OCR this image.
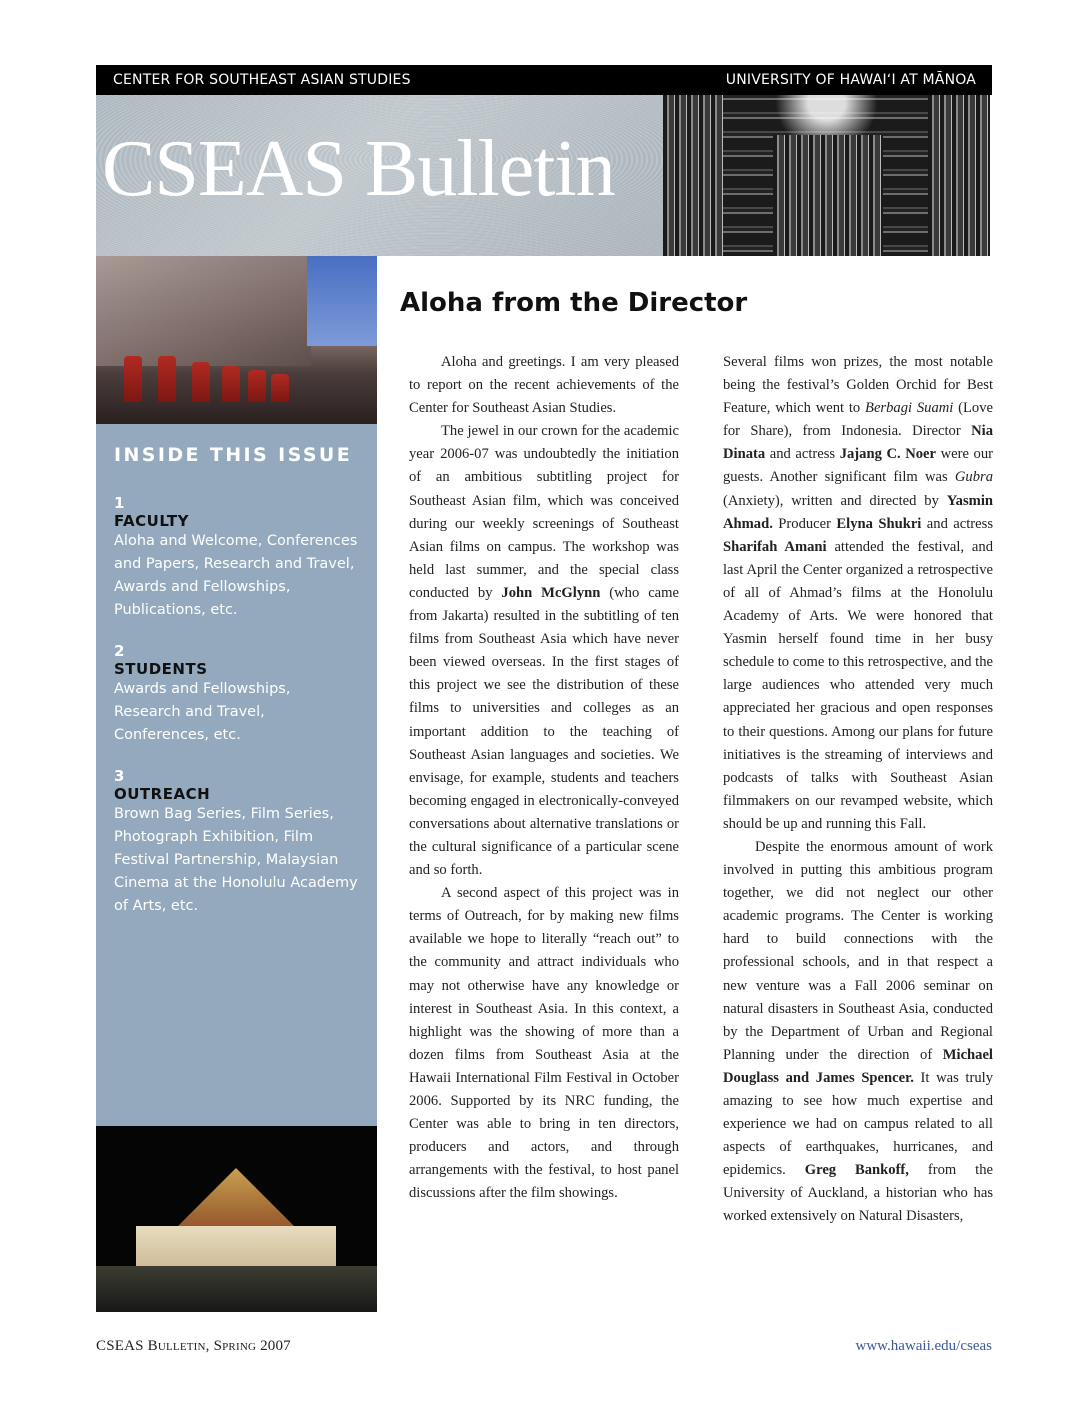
CENTER FOR SOUTHEAST ASIAN STUDIES	UNIVERSITY OF HAWAIʻI AT MĀNOA
CSEAS Bulletin
INSIDE THIS ISSUE
1
FACULTY
Aloha and Welcome, Conferences and Papers, Research and Travel, Awards and Fellowships, Publications, etc.
2
STUDENTS
Awards and Fellowships, Research and Travel, Conferences, etc.
3
OUTREACH
Brown Bag Series, Film Series, Photograph Exhibition, Film Festival Partnership, Malaysian Cinema at the Honolulu Academy of Arts, etc.
Aloha from the Director

Aloha and greetings. I am very pleased to report on the recent achievements of the Center for Southeast Asian Studies.

The jewel in our crown for the academic year 2006-07 was undoubtedly the initiation of an ambitious subtitling project for Southeast Asian film, which was conceived during our weekly screenings of Southeast Asian films on campus. The workshop was held last summer, and the special class conducted by John McGlynn (who came from Jakarta) resulted in the subtitling of ten films from Southeast Asia which have never been viewed overseas. In the first stages of this project we see the distribution of these films to universities and colleges as an important addition to the teaching of Southeast Asian languages and societies. We envisage, for example, students and teachers becoming engaged in electronically-conveyed conversations about alternative translations or the cultural significance of a particular scene and so forth.

A second aspect of this project was in terms of Outreach, for by making new films available we hope to literally “reach out” to the community and attract individuals who may not otherwise have any knowledge or interest in Southeast Asia. In this context, a highlight was the showing of more than a dozen films from Southeast Asia at the Hawaii International Film Festival in October 2006. Supported by its NRC funding, the Center was able to bring in ten directors, producers and actors, and through arrangements with the festival, to host panel discussions after the film showings.

Several films won prizes, the most notable being the festival’s Golden Orchid for Best Feature, which went to Berbagi Suami (Love for Share), from Indonesia. Director Nia Dinata and actress Jajang C. Noer were our guests. Another significant film was Gubra (Anxiety), written and directed by Yasmin Ahmad. Producer Elyna Shukri and actress Sharifah Amani attended the festival, and last April the Center organized a retrospective of all of Ahmad’s films at the Honolulu Academy of Arts. We were honored that Yasmin herself found time in her busy schedule to come to this retrospective, and the large audiences who attended very much appreciated her gracious and open responses to their questions. Among our plans for future initiatives is the streaming of interviews and podcasts of talks with Southeast Asian filmmakers on our revamped website, which should be up and running this Fall.

Despite the enormous amount of work involved in putting this ambitious program together, we did not neglect our other academic programs. The Center is working hard to build connections with the professional schools, and in that respect a new venture was a Fall 2006 seminar on natural disasters in Southeast Asia, conducted by the Department of Urban and Regional Planning under the direction of Michael Douglass and James Spencer. It was truly amazing to see how much expertise and experience we had on campus related to all aspects of earthquakes, hurricanes, and epidemics. Greg Bankoff, from the University of Auckland, a historian who has worked extensively on Natural Disasters,

CSEAS Bulletin, Spring 2007	www.hawaii.edu/cseas
